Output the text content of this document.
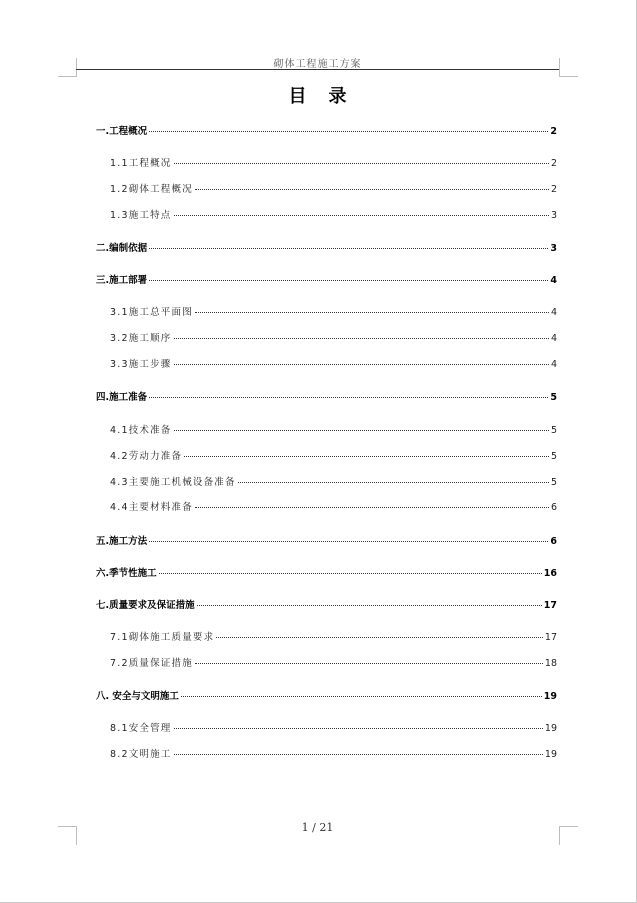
砌体工程施工方案
目录
一.工程概况	2
1.1工程概况	2
1.2砌体工程概况	2
1.3施工特点	3
二.编制依据	3
三.施工部署	4
3.1施工总平面图	4
3.2施工顺序	4
3.3施工步骤	4
四.施工准备	5
4.1技术准备	5
4.2劳动力准备	5
4.3主要施工机械设备准备	5
4.4主要材料准备	6
五.施工方法	6
六.季节性施工	16
七.质量要求及保证措施	17
7.1砌体施工质量要求	17
7.2质量保证措施	18
八. 安全与文明施工	19
8.1安全管理	19
8.2文明施工	19
1 / 21
